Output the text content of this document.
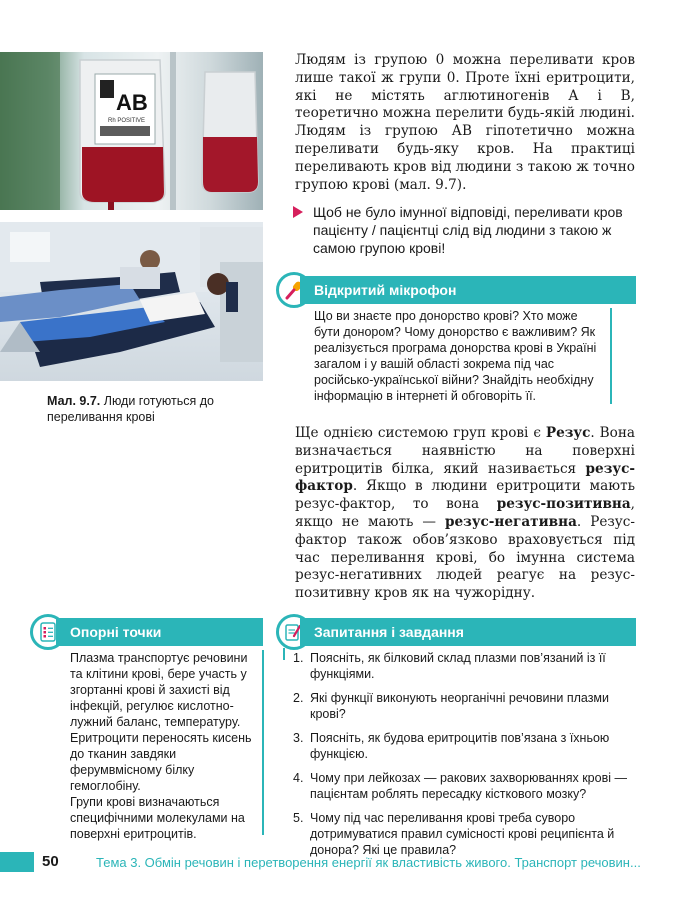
AB
Rh POSITIVE
Мал. 9.7. Люди готуються до переливання крові

Людям із групою 0 можна переливати кров лише такої ж групи 0. Проте їхні еритроцити, які не містять аглютиногенів А і В, теоретично можна перелити будь-якій людині. Людям із групою АВ гіпотетично можна переливати будь-яку кров. На практиці переливають кров від людини з такою ж точно групою крові (мал. 9.7).

Щоб не було імунної відповіді, переливати кров пацієнту / пацієнтці слід від людини з такою ж самою групою крові!
Відкритий мікрофон
Що ви знаєте про донорство крові? Хто може бути донором? Чому донорство є важливим? Як реалізується програма донорства крові в Україні загалом і у вашій області зокрема під час російсько-української війни? Знайдіть необхідну інформацію в інтернеті й обговоріть її.

Ще однією системою груп крові є Резус. Вона визначається наявністю на поверхні еритроцитів білка, який називається резус-фактор. Якщо в людини еритроцити мають резус-фактор, то вона резус-позитивна, якщо не мають — резус-негативна. Резус-фактор також обов’язково враховується під час переливання крові, бо імунна система резус-негативних людей реагує на резус-позитивну кров як на чужорідну.

Опорні точки

Плазма транспортує речовини та клітини крові, бере участь у згортанні крові й захисті від інфекцій, регулює кислотно-лужний баланс, температуру. Еритроцити переносять кисень до тканин завдяки ферумвмісному білку гемоглобіну.

Групи крові визначаються специфічними молекулами на поверхні еритроцитів.

Запитання і завдання
1. Поясніть, як білковий склад плазми пов’язаний із її функціями.
2. Які функції виконують неорганічні речовини плазми крові?
3. Поясніть, як будова еритроцитів пов’язана з їхньою функцією.
4. Чому при лейкозах — ракових захворюваннях крові — пацієнтам роблять пересадку кісткового мозку?
5. Чому під час переливання крові треба суворо дотримуватися правил сумісності крові реципієнта й донора? Які це правила?
50	Тема 3. Обмін речовин і перетворення енергії як властивість живого. Транспорт речовин...
